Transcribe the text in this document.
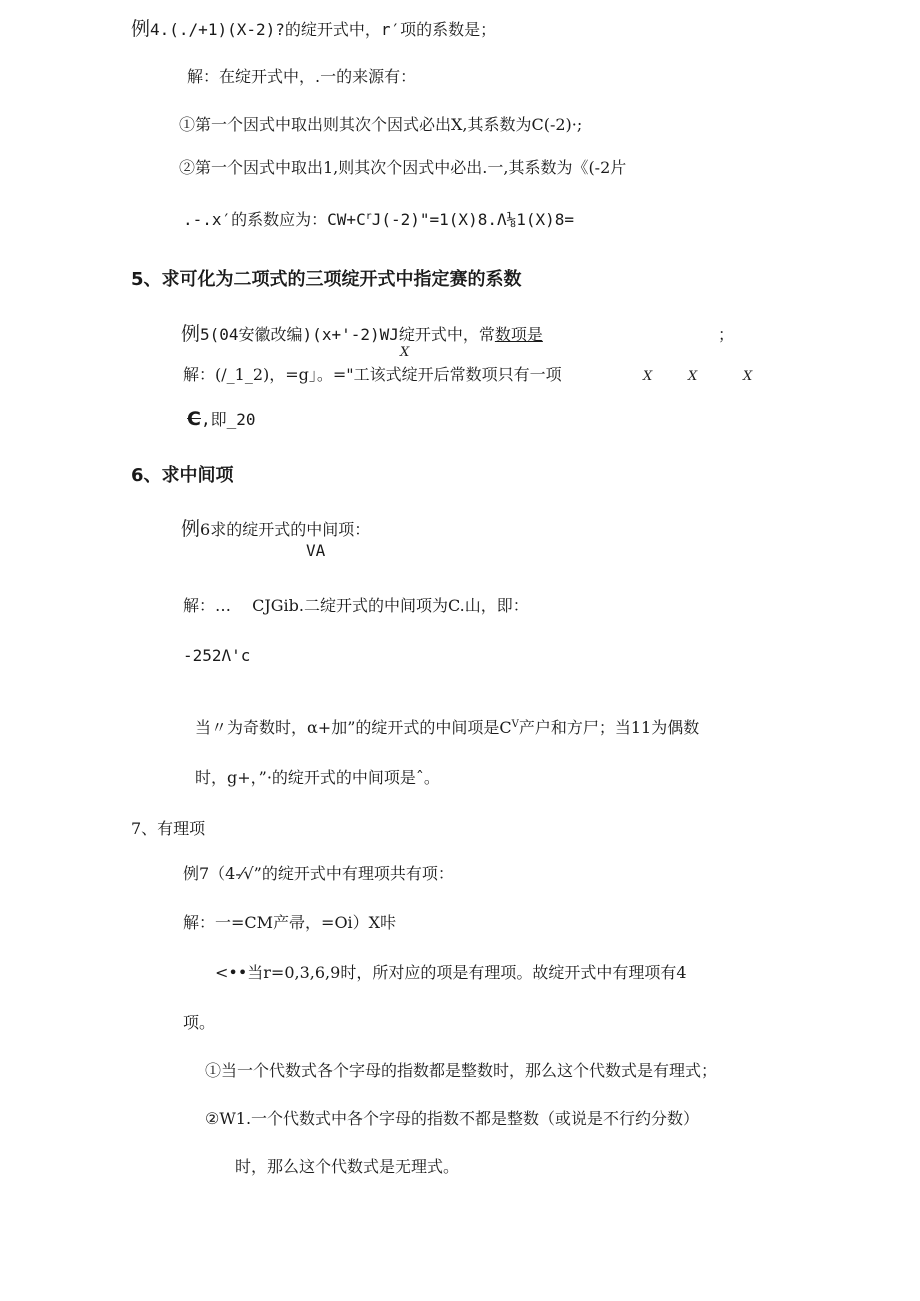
例4.(./+1)(X-2)?的绽开式中，r′项的系数是；
解：在绽开式中，.一的来源有：
①第一个因式中取出则其次个因式必出X,其系数为C(-2)·;
②第一个因式中取出1,则其次个因式中必出.一,其系数为《(-2片
.-.x′的系数应为：$CW+C^rJ(-2)"=1(X)8.\Lambda\frac{1}{8}1(X)8=$
5、求可化为二项式的三项绽开式中指定赛的系数
例5(04安徽改编)(x+'-2)WJ绽开式中，常数项是	；
X
解：(/_1_2)，=g」。="工该式绽开后常数项只有一项	X	X	X
C,即_20
6、求中间项
例6求的绽开式的中间项：
VA
解：…　 CJGib.二绽开式的中间项为C.山，即：
-252Λ'c
当〃为奇数时，α+加”的绽开式的中间项是$C^V$产户和方尸；当11为偶数
时，g+，”·的绽开式的中间项是ˆ。
7、有理项
例7（4-⁄√”的绽开式中有理项共有项：
解：一=CM产帚，=Oi）X咔
<••当r=0,3,6,9时，所对应的项是有理项。故绽开式中有理项有4
项。
①当一个代数式各个字母的指数都是整数时，那么这个代数式是有理式；
②W1.一个代数式中各个字母的指数不都是整数（或说是不行约分数）
时，那么这个代数式是无理式。
